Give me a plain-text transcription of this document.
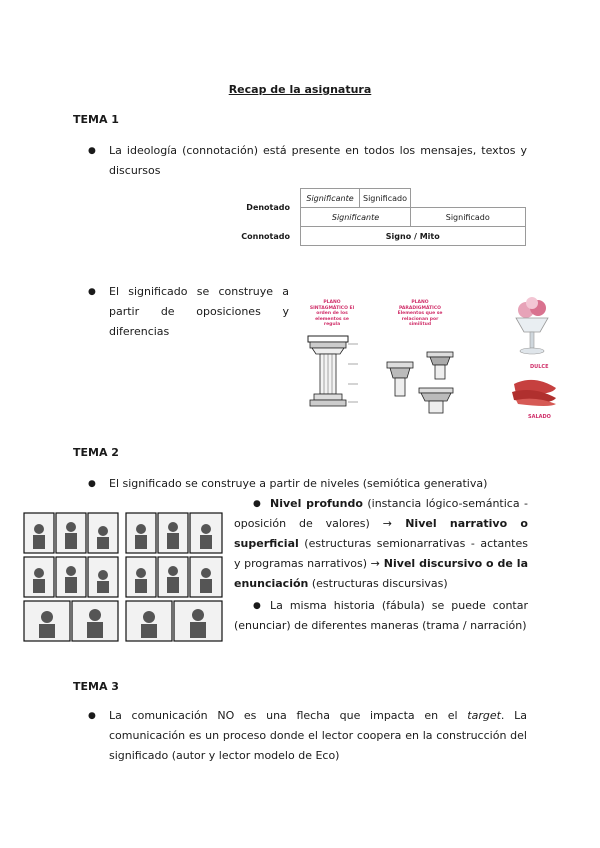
Recap de la asignatura
TEMA 1
● La ideología (connotación) está presente en todos los mensajes, textos y discursos
Denotado	Significante	Significado	
	Significante		Significado
Connotado	Signo / Mito		
● El significado se construye a partir de oposiciones y diferencias
PLANO SINTAGMÁTICO El orden de los elementos se regula
PLANO PARADIGMÁTICO Elementos que se relacionan por similitud
DULCE
SALADO
TEMA 2
● El significado se construye a partir de niveles (semiótica generativa)
● Nivel profundo (instancia lógico-semántica - oposición de valores) → Nivel narrativo o superficial (estructuras semionarrativas - actantes y programas narrativos) → Nivel discursivo o de la enunciación (estructuras discursivas)
● La misma historia (fábula) se puede contar (enunciar) de diferentes maneras (trama / narración)
TEMA 3
● La comunicación NO es una flecha que impacta en el target. La comunicación es un proceso donde el lector coopera en la construcción del significado (autor y lector modelo de Eco)
